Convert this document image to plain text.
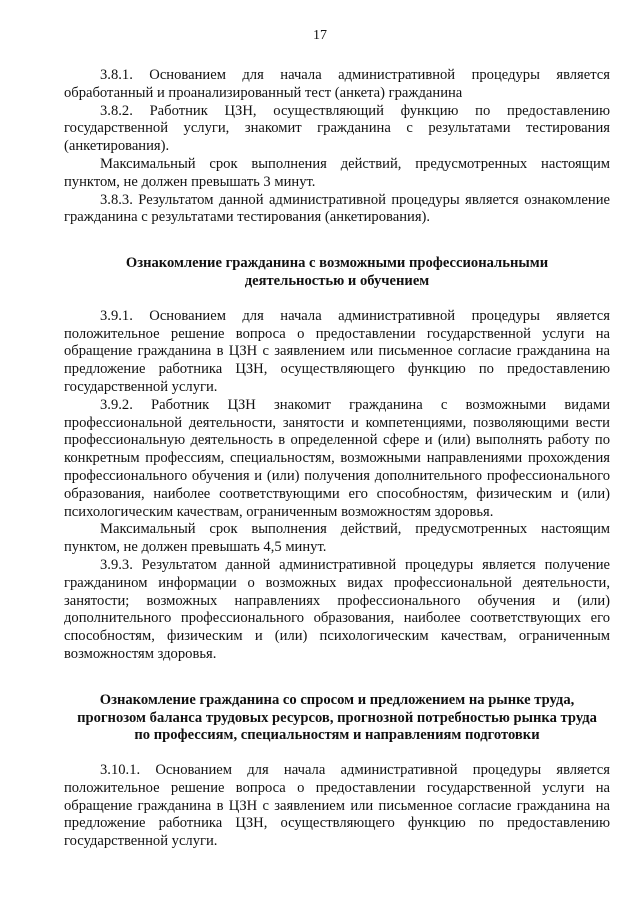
17

3.8.1. Основанием для начала административной процедуры является обработанный и проанализированный тест (анкета) гражданина

3.8.2. Работник ЦЗН, осуществляющий функцию по предоставлению государственной услуги, знакомит гражданина с результатами тестирования (анкетирования).

Максимальный срок выполнения действий, предусмотренных настоящим пунктом, не должен превышать 3 минут.

3.8.3. Результатом данной административной процедуры является ознакомление гражданина с результатами тестирования (анкетирования).

Ознакомление гражданина с возможными профессиональными

деятельностью и обучением

3.9.1. Основанием для начала административной процедуры является положительное решение вопроса о предоставлении государственной услуги на обращение гражданина в ЦЗН с заявлением или письменное согласие гражданина на предложение работника ЦЗН, осуществляющего функцию по предоставлению государственной услуги.

3.9.2. Работник ЦЗН знакомит гражданина с возможными видами профессиональной деятельности, занятости и компетенциями, позволяющими вести профессиональную деятельность в определенной сфере и (или) выполнять работу по конкретным профессиям, специальностям, возможными направлениями прохождения профессионального обучения и (или) получения дополнительного профессионального образования, наиболее соответствующими его способностям, физическим и (или) психологическим качествам, ограниченным возможностям здоровья.

Максимальный срок выполнения действий, предусмотренных настоящим пунктом, не должен превышать 4,5 минут.

3.9.3. Результатом данной административной процедуры является получение гражданином информации о возможных видах профессиональной деятельности, занятости; возможных направлениях профессионального обучения и (или) дополнительного профессионального образования, наиболее соответствующих его способностям, физическим и (или) психологическим качествам, ограниченным возможностям здоровья.

Ознакомление гражданина со спросом и предложением на рынке труда,

прогнозом баланса трудовых ресурсов, прогнозной потребностью рынка труда

по профессиям, специальностям и направлениям подготовки

3.10.1. Основанием для начала административной процедуры является положительное решение вопроса о предоставлении государственной услуги на обращение гражданина в ЦЗН с заявлением или письменное согласие гражданина на предложение работника ЦЗН, осуществляющего функцию по предоставлению государственной услуги.
